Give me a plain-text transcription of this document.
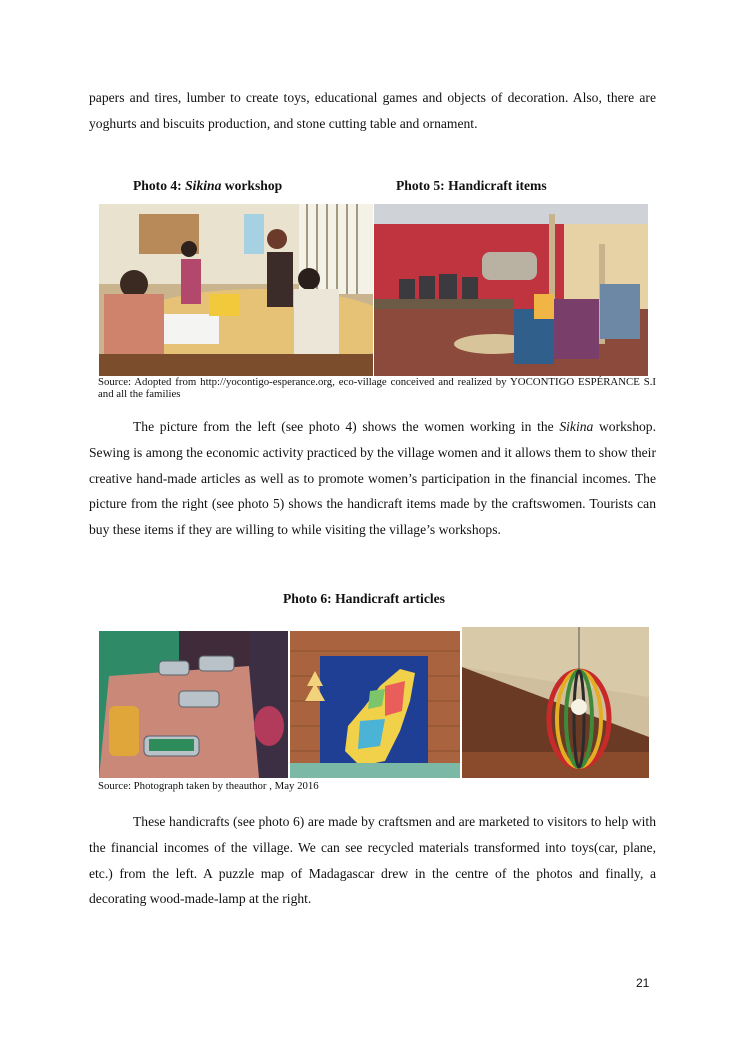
papers and tires, lumber to create toys, educational games and objects of decoration. Also, there are yoghurts and biscuits production, and stone cutting table and ornament.

Photo 4: Sikina workshop	Photo 5: Handicraft items

Source: Adopted from http://yocontigo-esperance.org, eco-village conceived and realized by YOCONTIGO ESPÉRANCE S.I and all the families

The picture from the left (see photo 4) shows the women working in the Sikina workshop. Sewing is among the economic activity practiced by the village women and it allows them to show their creative hand-made articles as well as to promote women’s participation in the financial incomes. The picture from the right (see photo 5) shows the handicraft items made by the craftswomen. Tourists can buy these items if they are willing to while visiting the village’s workshops.

Photo 6: Handicraft articles

Source: Photograph taken by theauthor , May 2016

These handicrafts (see photo 6) are made by craftsmen and are marketed to visitors to help with the financial incomes of the village. We can see recycled materials transformed into toys(car, plane, etc.) from the left. A puzzle map of Madagascar drew in the centre of the photos and finally, a decorating wood-made-lamp at the right.

21
